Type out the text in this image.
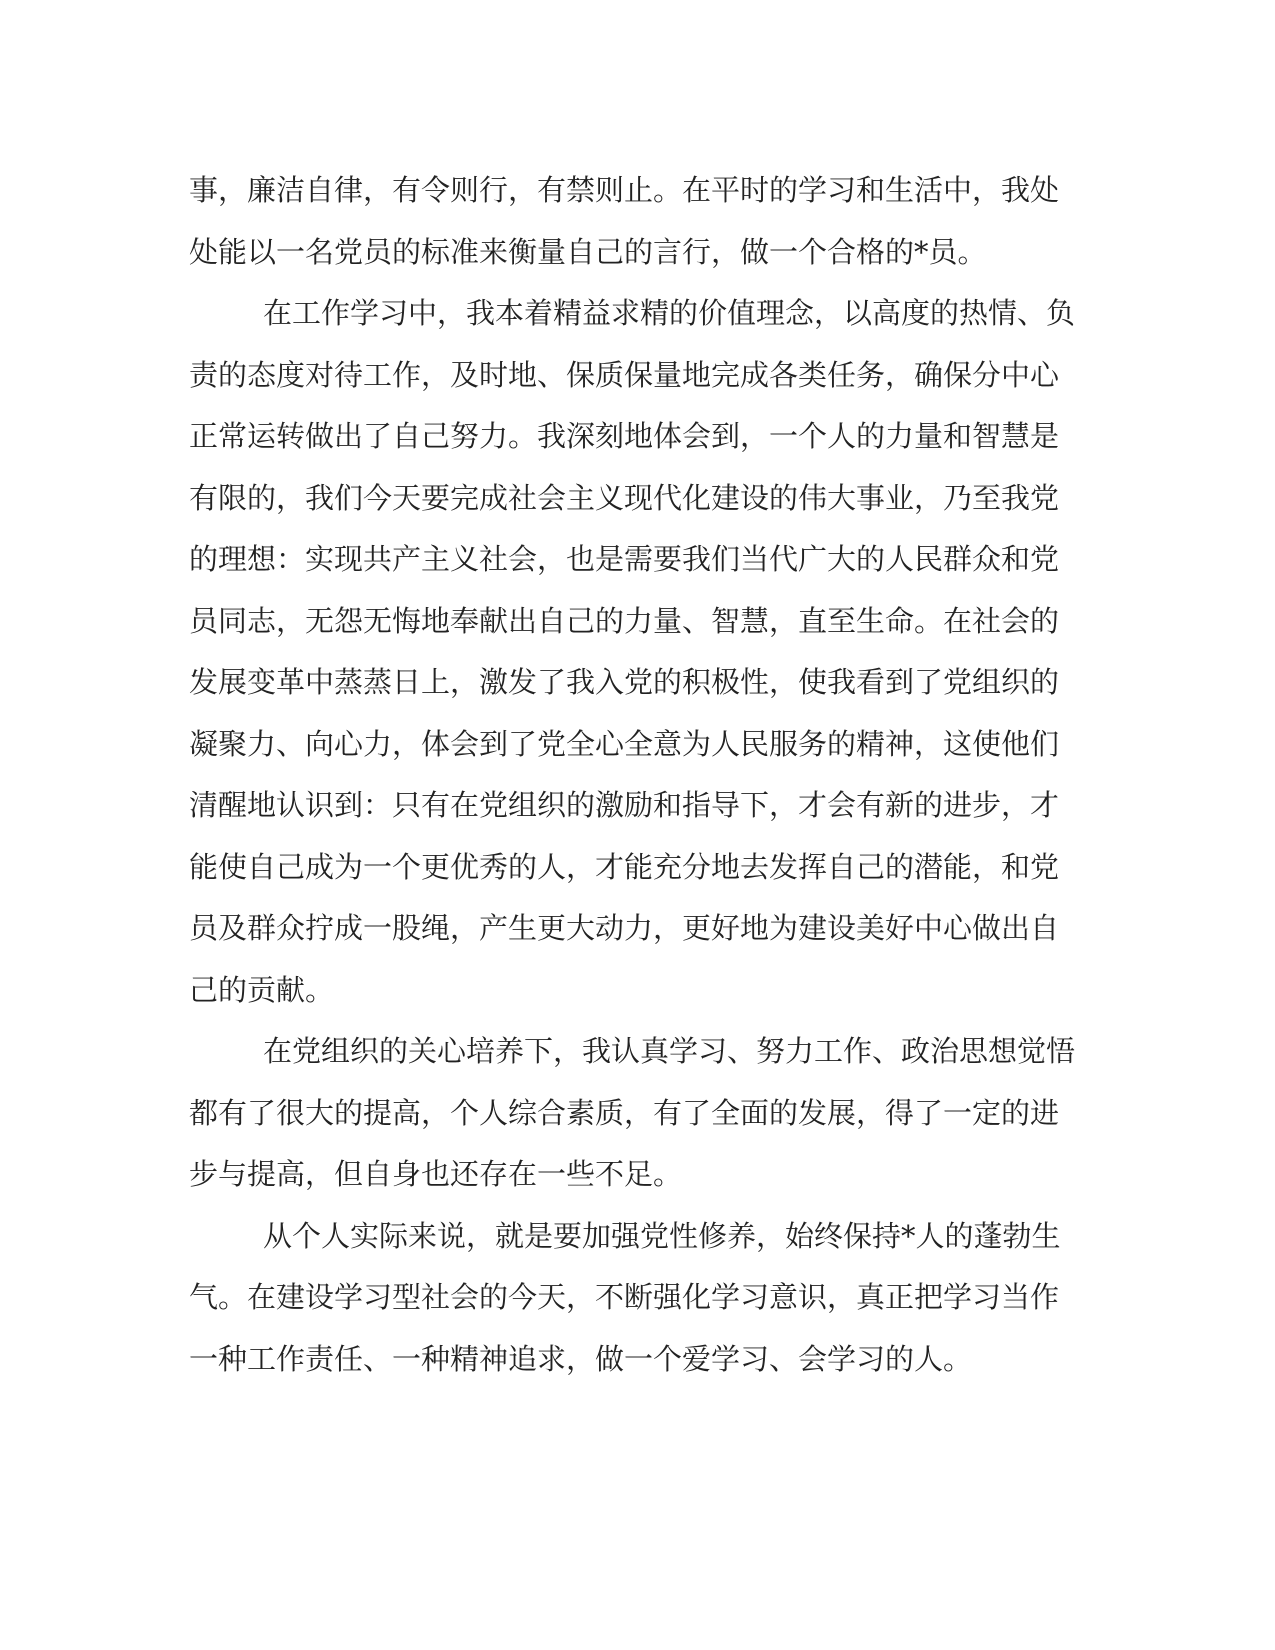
事，廉洁自律，有令则行，有禁则止。在平时的学习和生活中，我处
处能以一名党员的标准来衡量自己的言行，做一个合格的*员。
在工作学习中，我本着精益求精的价值理念，以高度的热情、负
责的态度对待工作，及时地、保质保量地完成各类任务，确保分中心
正常运转做出了自己努力。我深刻地体会到，一个人的力量和智慧是
有限的，我们今天要完成社会主义现代化建设的伟大事业，乃至我党
的理想：实现共产主义社会，也是需要我们当代广大的人民群众和党
员同志，无怨无悔地奉献出自己的力量、智慧，直至生命。在社会的
发展变革中蒸蒸日上，激发了我入党的积极性，使我看到了党组织的
凝聚力、向心力，体会到了党全心全意为人民服务的精神，这使他们
清醒地认识到：只有在党组织的激励和指导下，才会有新的进步，才
能使自己成为一个更优秀的人，才能充分地去发挥自己的潜能，和党
员及群众拧成一股绳，产生更大动力，更好地为建设美好中心做出自
己的贡献。
在党组织的关心培养下，我认真学习、努力工作、政治思想觉悟
都有了很大的提高，个人综合素质，有了全面的发展，得了一定的进
步与提高，但自身也还存在一些不足。
从个人实际来说，就是要加强党性修养，始终保持*人的蓬勃生
气。在建设学习型社会的今天，不断强化学习意识，真正把学习当作
一种工作责任、一种精神追求，做一个爱学习、会学习的人。
